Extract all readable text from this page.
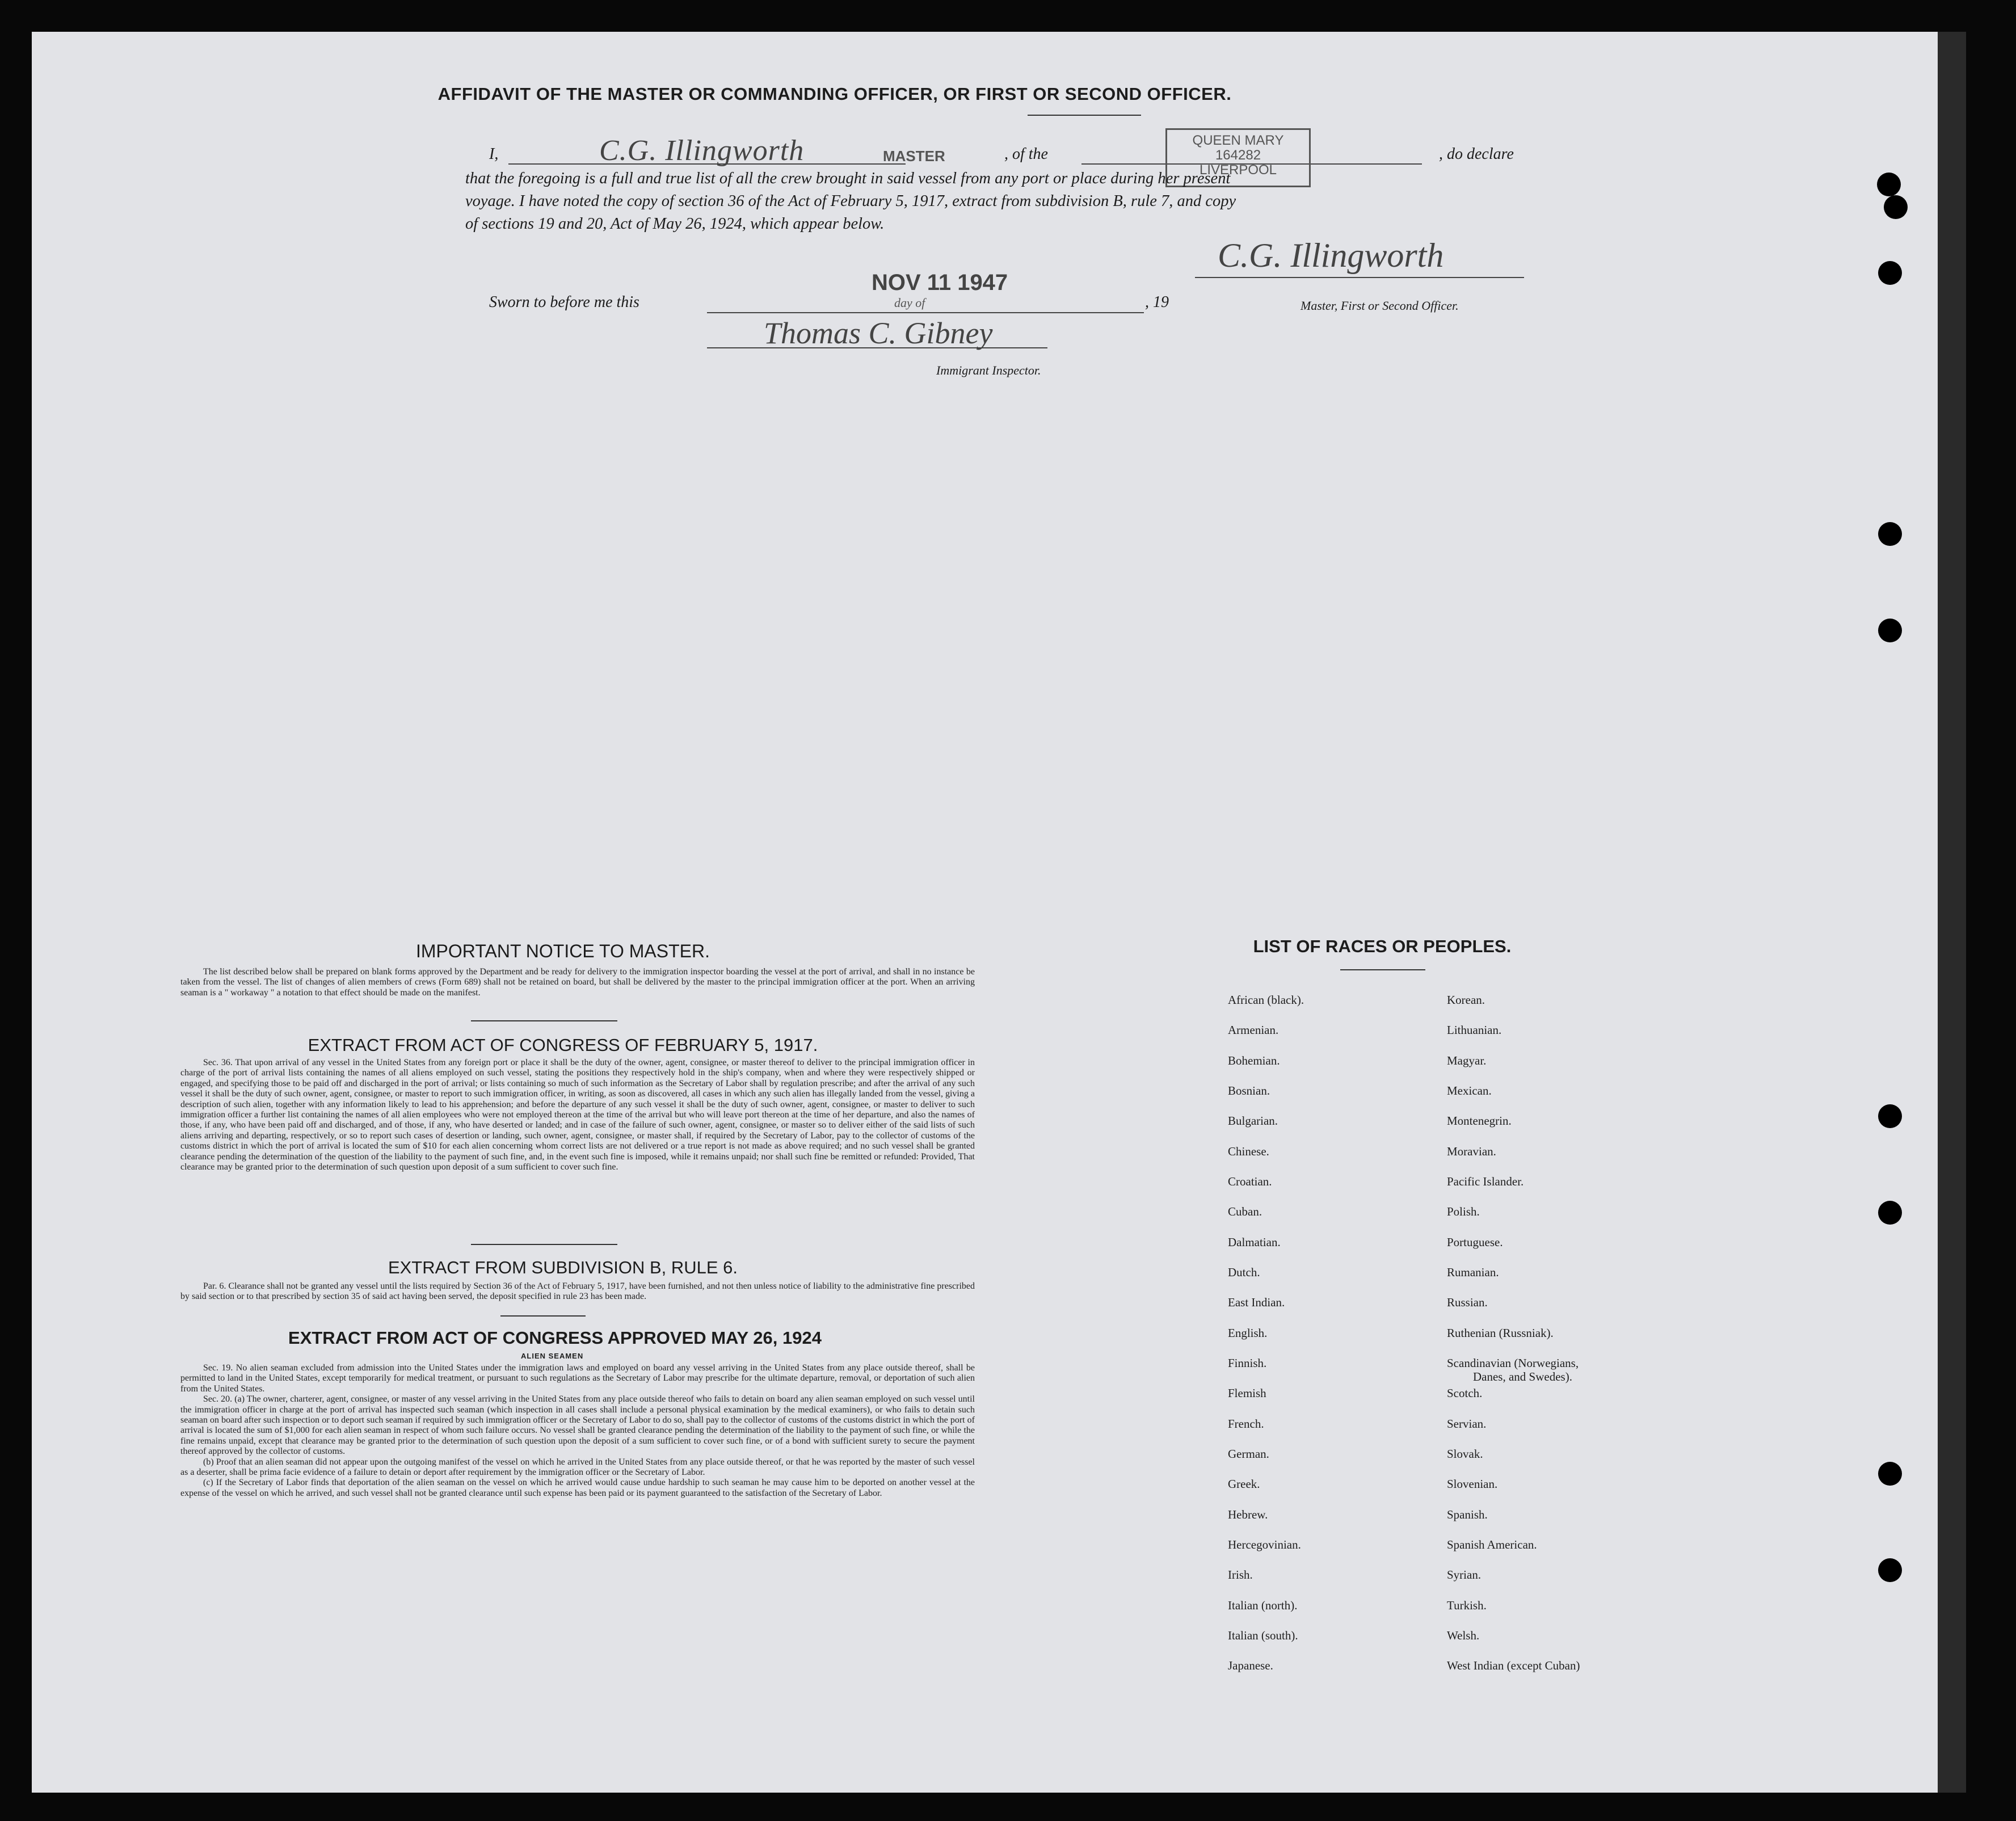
AFFIDAVIT OF THE MASTER OR COMMANDING OFFICER, OR FIRST OR SECOND OFFICER.
I,	C.G. Illingworth	MASTER	, of the
QUEEN MARY
164282
LIVERPOOL
, do declare
that the foregoing is a full and true list of all the crew brought in said vessel from any port or place during her present
voyage. I have noted the copy of section 36 of the Act of February 5, 1917, extract from subdivision B, rule 7, and copy
of sections 19 and 20, Act of May 26, 1924, which appear below.
C.G. Illingworth
Master, First or Second Officer.
Sworn to before me this
NOV 11 1947
day of	, 19
Thomas C. Gibney
Immigrant Inspector.
IMPORTANT NOTICE TO MASTER.
The list described below shall be prepared on blank forms approved by the Department and be ready for delivery to the immigration inspector boarding the vessel at the port of arrival, and shall in no instance be taken from the vessel. The list of changes of alien members of crews (Form 689) shall not be retained on board, but shall be delivered by the master to the principal immigration officer at the port. When an arriving seaman is a " workaway " a notation to that effect should be made on the manifest.
EXTRACT FROM ACT OF CONGRESS OF FEBRUARY 5, 1917.
Sec. 36. That upon arrival of any vessel in the United States from any foreign port or place it shall be the duty of the owner, agent, consignee, or master thereof to deliver to the principal immigration officer in charge of the port of arrival lists containing the names of all aliens employed on such vessel, stating the positions they respectively hold in the ship's company, when and where they were respectively shipped or engaged, and specifying those to be paid off and discharged in the port of arrival; or lists containing so much of such information as the Secretary of Labor shall by regulation prescribe; and after the arrival of any such vessel it shall be the duty of such owner, agent, consignee, or master to report to such immigration officer, in writing, as soon as discovered, all cases in which any such alien has illegally landed from the vessel, giving a description of such alien, together with any information likely to lead to his apprehension; and before the departure of any such vessel it shall be the duty of such owner, agent, consignee, or master to deliver to such immigration officer a further list containing the names of all alien employees who were not employed thereon at the time of the arrival but who will leave port thereon at the time of her departure, and also the names of those, if any, who have been paid off and discharged, and of those, if any, who have deserted or landed; and in case of the failure of such owner, agent, consignee, or master so to deliver either of the said lists of such aliens arriving and departing, respectively, or so to report such cases of desertion or landing, such owner, agent, consignee, or master shall, if required by the Secretary of Labor, pay to the collector of customs of the customs district in which the port of arrival is located the sum of $10 for each alien concerning whom correct lists are not delivered or a true report is not made as above required; and no such vessel shall be granted clearance pending the determination of the question of the liability to the payment of such fine, and, in the event such fine is imposed, while it remains unpaid; nor shall such fine be remitted or refunded: Provided, That clearance may be granted prior to the determination of such question upon deposit of a sum sufficient to cover such fine.
EXTRACT FROM SUBDIVISION B, RULE 6.
Par. 6. Clearance shall not be granted any vessel until the lists required by Section 36 of the Act of February 5, 1917, have been furnished, and not then unless notice of liability to the administrative fine prescribed by said section or to that prescribed by section 35 of said act having been served, the deposit specified in rule 23 has been made.
EXTRACT FROM ACT OF CONGRESS APPROVED MAY 26, 1924
ALIEN SEAMEN

Sec. 19. No alien seaman excluded from admission into the United States under the immigration laws and employed on board any vessel arriving in the United States from any place outside thereof, shall be permitted to land in the United States, except temporarily for medical treatment, or pursuant to such regulations as the Secretary of Labor may prescribe for the ultimate departure, removal, or deportation of such alien from the United States.

Sec. 20. (a) The owner, charterer, agent, consignee, or master of any vessel arriving in the United States from any place outside thereof who fails to detain on board any alien seaman employed on such vessel until the immigration officer in charge at the port of arrival has inspected such seaman (which inspection in all cases shall include a personal physical examination by the medical examiners), or who fails to detain such seaman on board after such inspection or to deport such seaman if required by such immigration officer or the Secretary of Labor to do so, shall pay to the collector of customs of the customs district in which the port of arrival is located the sum of $1,000 for each alien seaman in respect of whom such failure occurs. No vessel shall be granted clearance pending the determination of the liability to the payment of such fine, or while the fine remains unpaid, except that clearance may be granted prior to the determination of such question upon the deposit of a sum sufficient to cover such fine, or of a bond with sufficient surety to secure the payment thereof approved by the collector of customs.

(b) Proof that an alien seaman did not appear upon the outgoing manifest of the vessel on which he arrived in the United States from any place outside thereof, or that he was reported by the master of such vessel as a deserter, shall be prima facie evidence of a failure to detain or deport after requirement by the immigration officer or the Secretary of Labor.

(c) If the Secretary of Labor finds that deportation of the alien seaman on the vessel on which he arrived would cause undue hardship to such seaman he may cause him to be deported on another vessel at the expense of the vessel on which he arrived, and such vessel shall not be granted clearance until such expense has been paid or its payment guaranteed to the satisfaction of the Secretary of Labor.

LIST OF RACES OR PEOPLES.
African (black).
Armenian.
Bohemian.
Bosnian.
Bulgarian.
Chinese.
Croatian.
Cuban.
Dalmatian.
Dutch.
East Indian.
English.
Finnish.
Flemish
French.
German.
Greek.
Hebrew.
Hercegovinian.
Irish.
Italian (north).
Italian (south).
Japanese.
Korean.
Lithuanian.
Magyar.
Mexican.
Montenegrin.
Moravian.
Pacific Islander.
Polish.
Portuguese.
Rumanian.
Russian.
Ruthenian (Russniak).
Scandinavian (Norwegians,
Danes, and Swedes).
Scotch.
Servian.
Slovak.
Slovenian.
Spanish.
Spanish American.
Syrian.
Turkish.
Welsh.
West Indian (except Cuban)
